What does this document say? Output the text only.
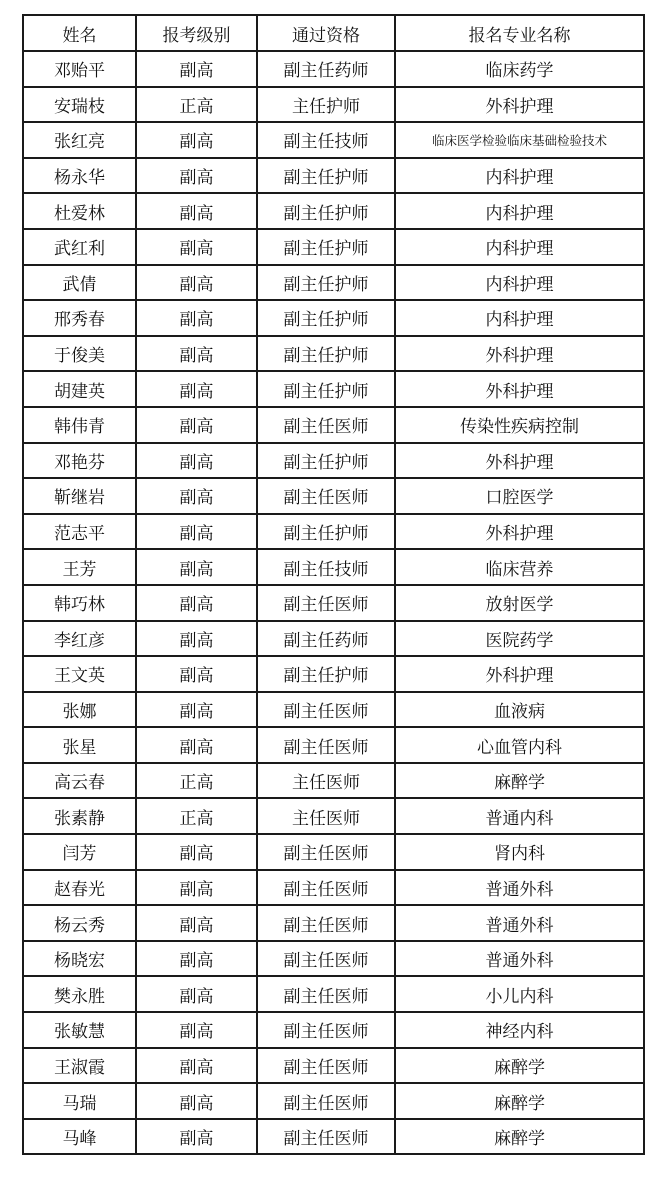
姓名	报考级别	通过资格	报名专业名称
邓贻平	副高	副主任药师	临床药学
安瑞枝	正高	主任护师	外科护理
张红亮	副高	副主任技师	临床医学检验临床基础检验技术
杨永华	副高	副主任护师	内科护理
杜爱林	副高	副主任护师	内科护理
武红利	副高	副主任护师	内科护理
武倩	副高	副主任护师	内科护理
邢秀春	副高	副主任护师	内科护理
于俊美	副高	副主任护师	外科护理
胡建英	副高	副主任护师	外科护理
韩伟青	副高	副主任医师	传染性疾病控制
邓艳芬	副高	副主任护师	外科护理
靳继岩	副高	副主任医师	口腔医学
范志平	副高	副主任护师	外科护理
王芳	副高	副主任技师	临床营养
韩巧林	副高	副主任医师	放射医学
李红彦	副高	副主任药师	医院药学
王文英	副高	副主任护师	外科护理
张娜	副高	副主任医师	血液病
张星	副高	副主任医师	心血管内科
高云春	正高	主任医师	麻醉学
张素静	正高	主任医师	普通内科
闫芳	副高	副主任医师	肾内科
赵春光	副高	副主任医师	普通外科
杨云秀	副高	副主任医师	普通外科
杨晓宏	副高	副主任医师	普通外科
樊永胜	副高	副主任医师	小儿内科
张敏慧	副高	副主任医师	神经内科
王淑霞	副高	副主任医师	麻醉学
马瑞	副高	副主任医师	麻醉学
马峰	副高	副主任医师	麻醉学
